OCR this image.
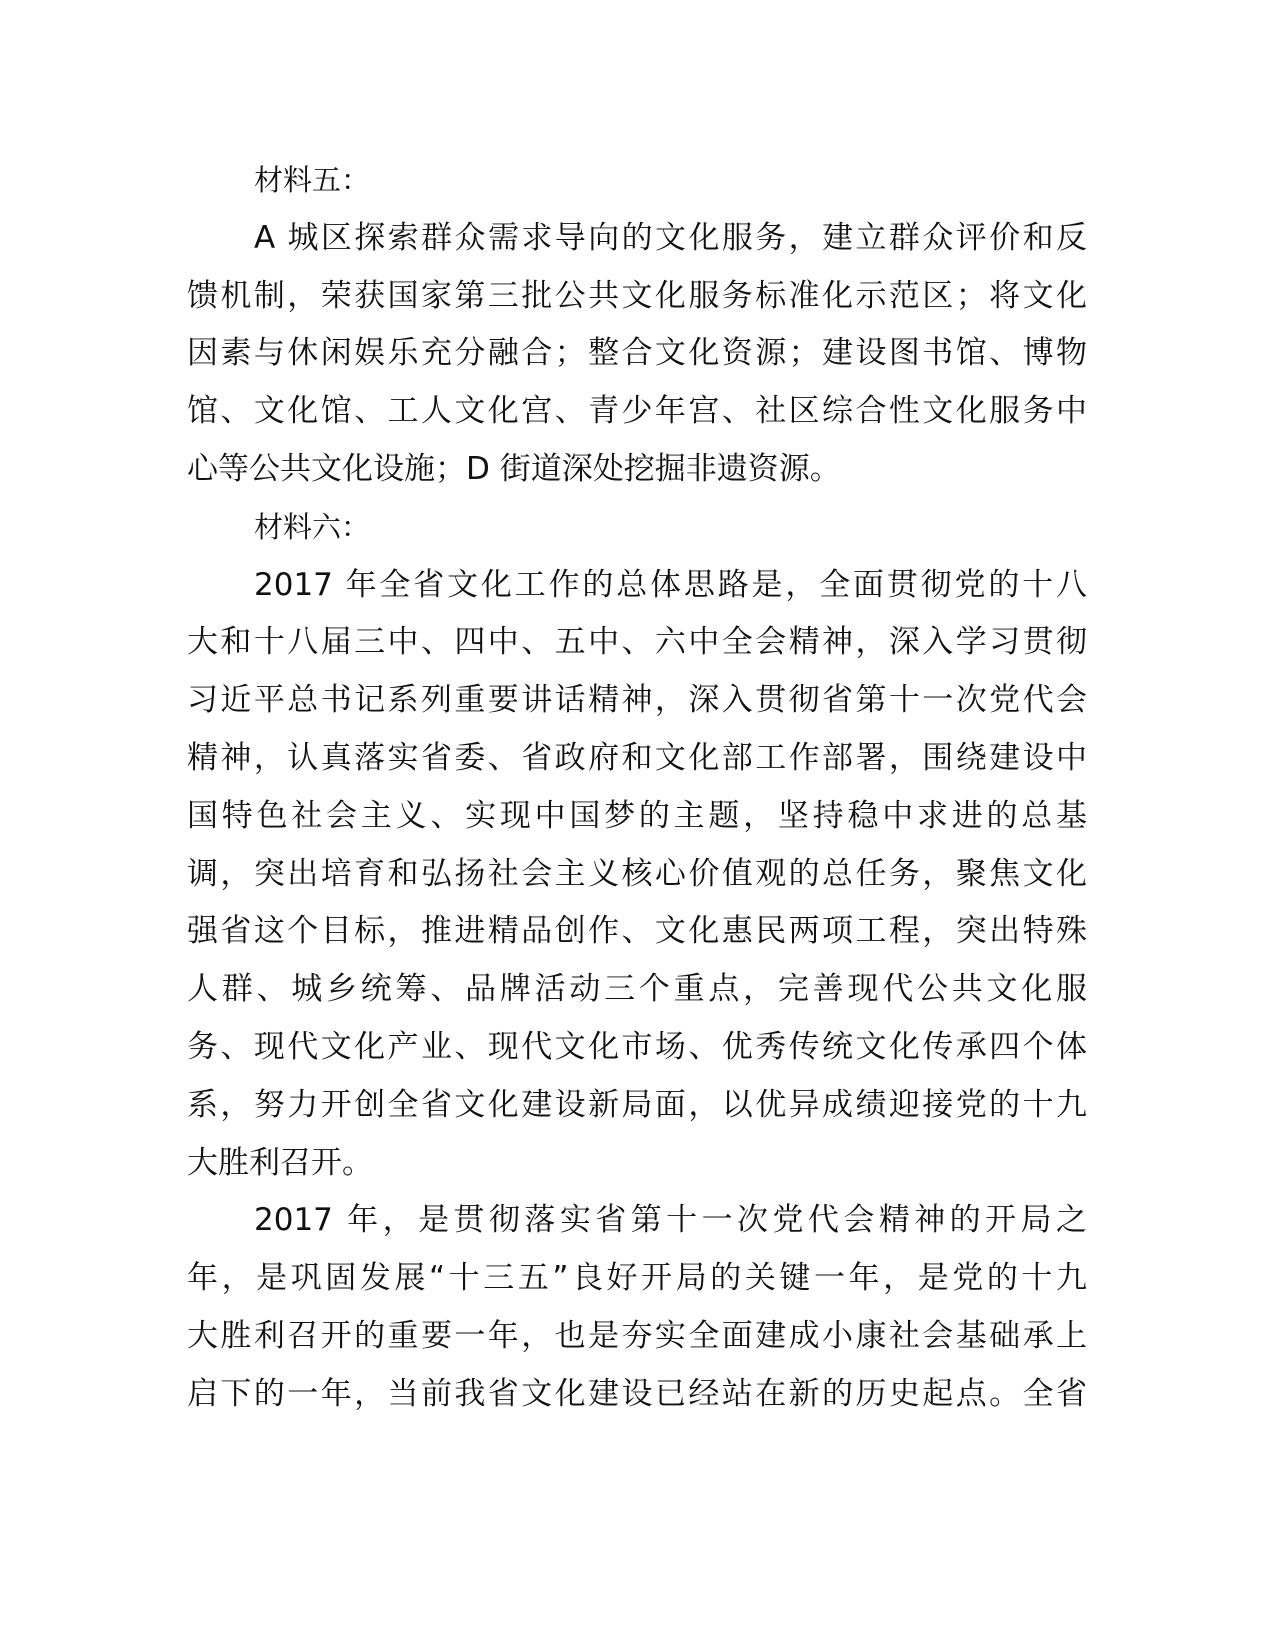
材料五：
A 城区探索群众需求导向的文化服务，建立群众评价和反
馈机制，荣获国家第三批公共文化服务标准化示范区；将文化
因素与休闲娱乐充分融合；整合文化资源；建设图书馆、博物
馆、文化馆、工人文化宫、青少年宫、社区综合性文化服务中
心等公共文化设施；D 街道深处挖掘非遗资源。
材料六：
2017 年全省文化工作的总体思路是，全面贯彻党的十八
大和十八届三中、四中、五中、六中全会精神，深入学习贯彻
习近平总书记系列重要讲话精神，深入贯彻省第十一次党代会
精神，认真落实省委、省政府和文化部工作部署，围绕建设中
国特色社会主义、实现中国梦的主题，坚持稳中求进的总基
调，突出培育和弘扬社会主义核心价值观的总任务，聚焦文化
强省这个目标，推进精品创作、文化惠民两项工程，突出特殊
人群、城乡统筹、品牌活动三个重点，完善现代公共文化服
务、现代文化产业、现代文化市场、优秀传统文化传承四个体
系，努力开创全省文化建设新局面，以优异成绩迎接党的十九
大胜利召开。
2017 年，是贯彻落实省第十一次党代会精神的开局之
年，是巩固发展“十三五”良好开局的关键一年，是党的十九
大胜利召开的重要一年，也是夯实全面建成小康社会基础承上
启下的一年，当前我省文化建设已经站在新的历史起点。全省
